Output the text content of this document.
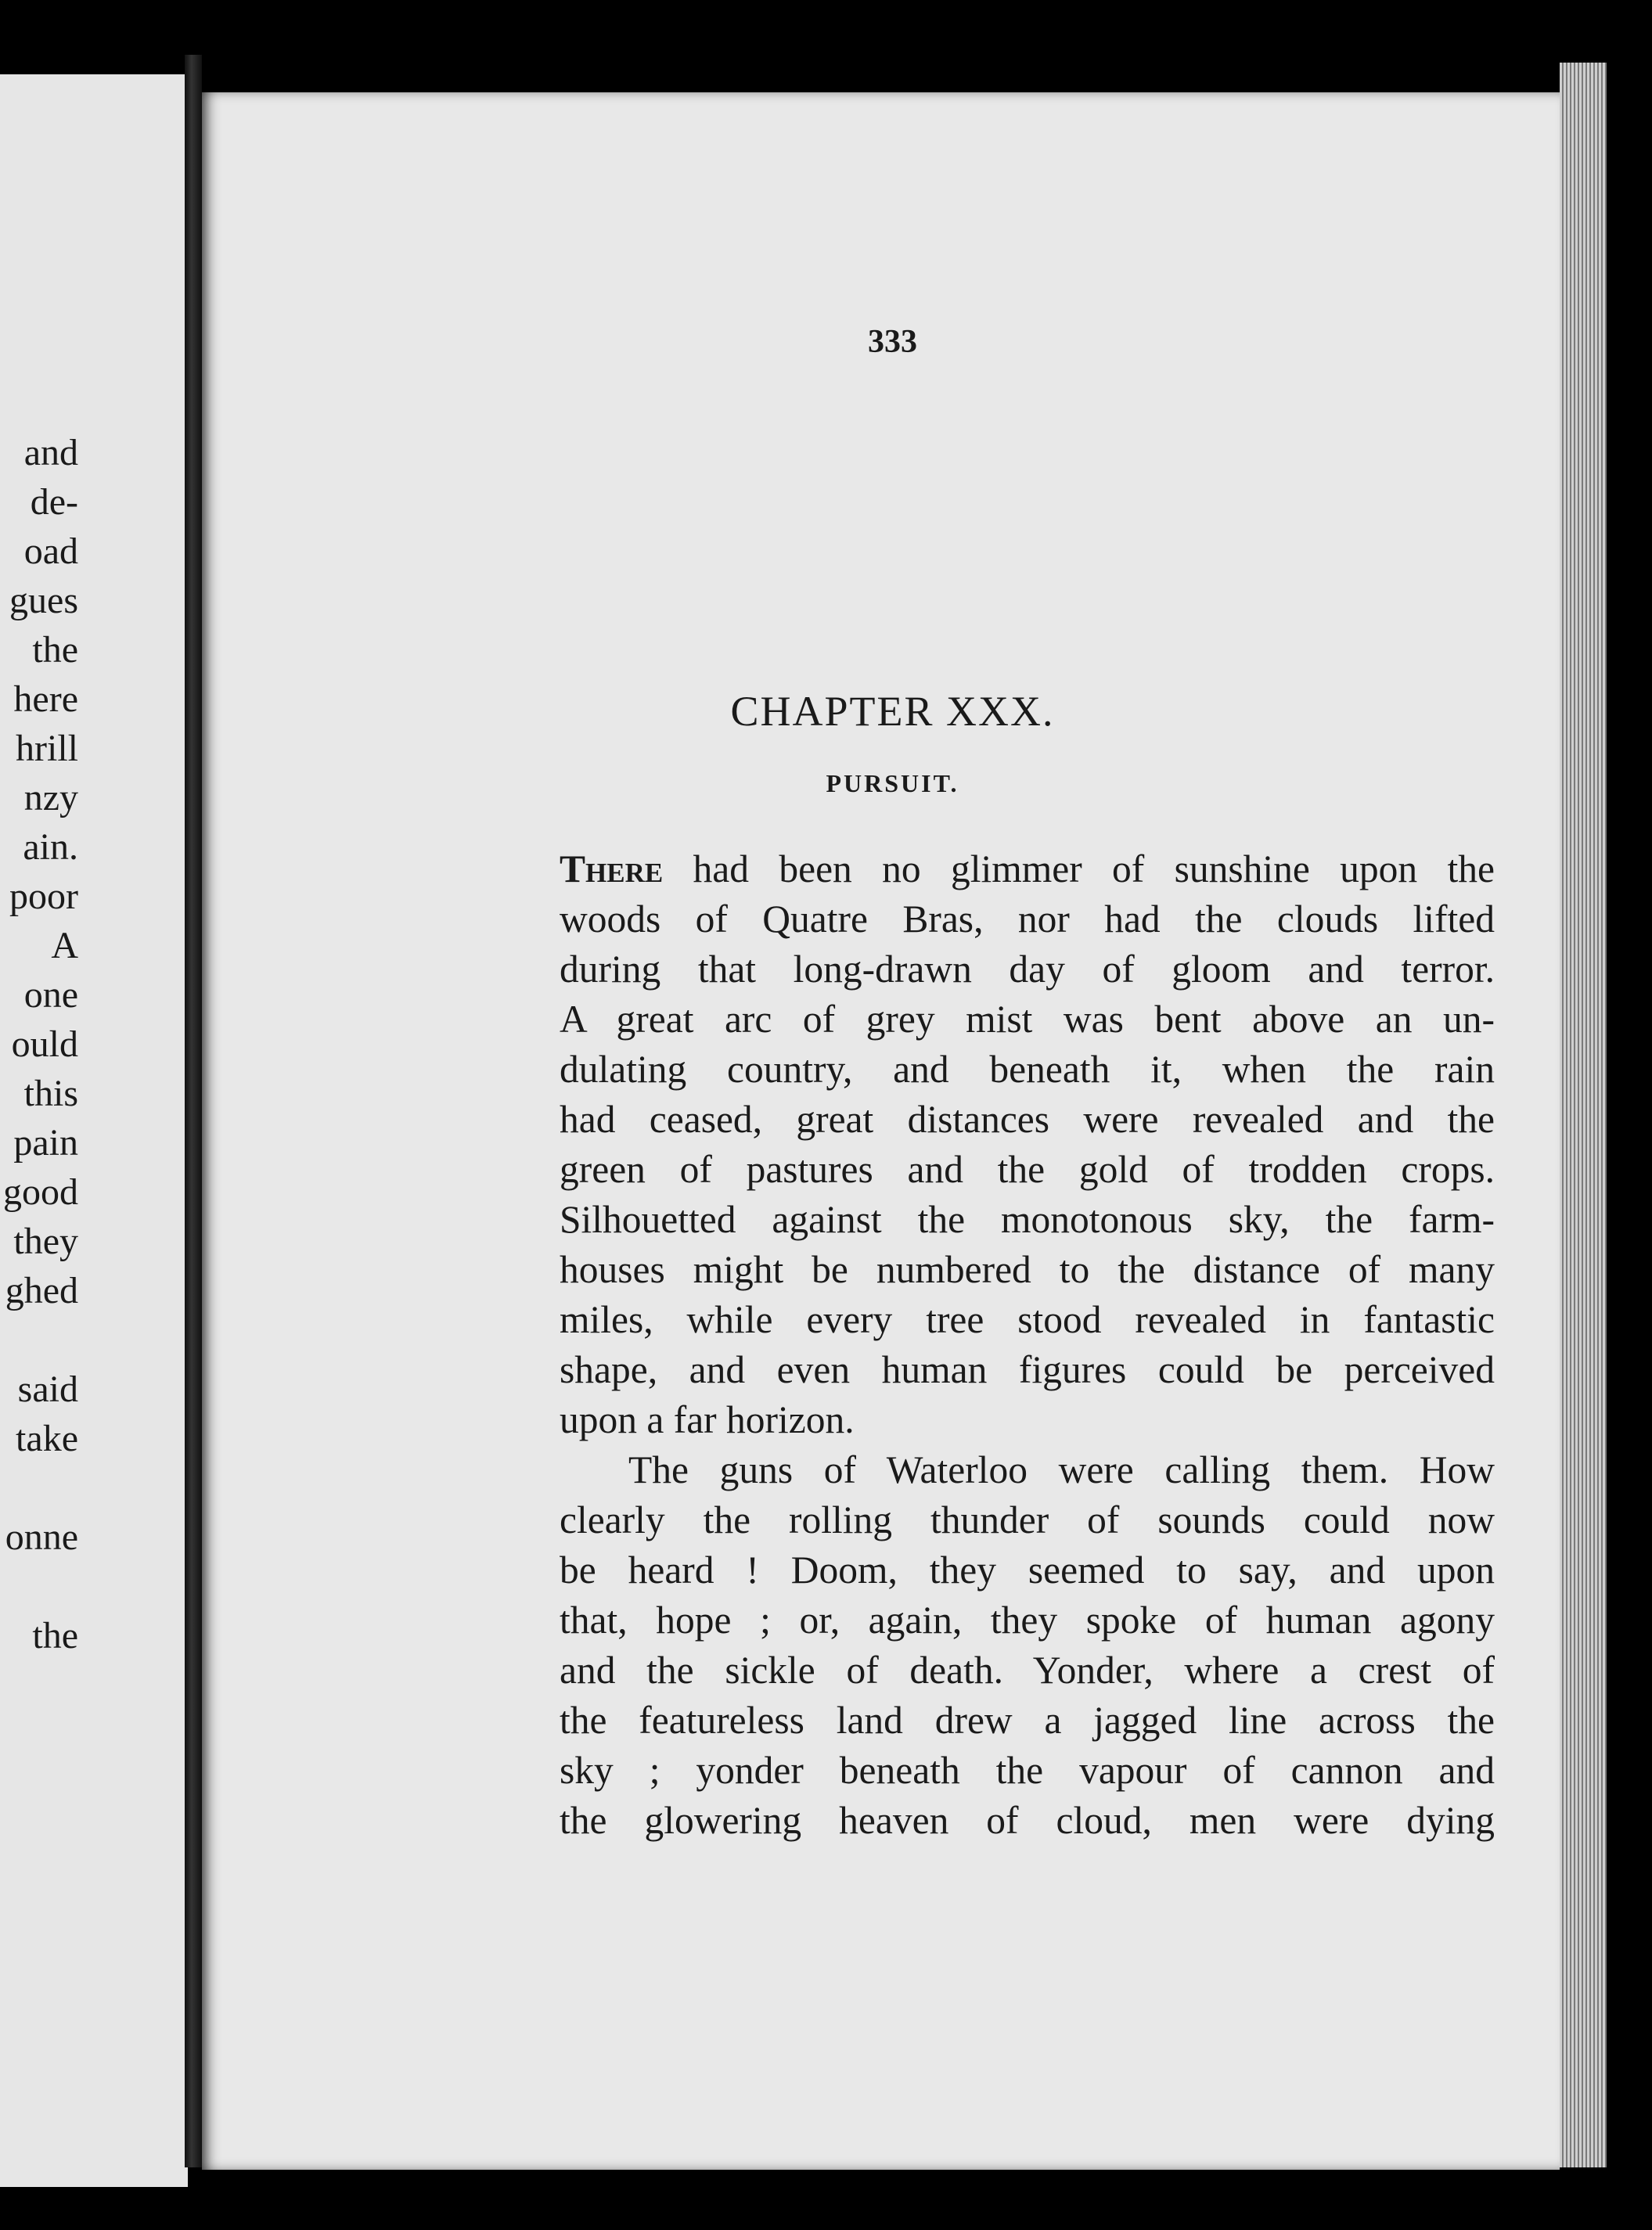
and
de-
oad
gues
the
here
hrill
nzy
ain.
poor
A
one
ould
this
pain
good
they
ghed
said
take
onne
the
333
CHAPTER XXX.
PURSUIT.
There had been no glimmer of sunshine upon the
woods of Quatre Bras, nor had the clouds lifted
during that long-drawn day of gloom and terror.
A great arc of grey mist was bent above an un-
dulating country, and beneath it, when the rain
had ceased, great distances were revealed and the
green of pastures and the gold of trodden crops.
Silhouetted against the monotonous sky, the farm-
houses might be numbered to the distance of many
miles, while every tree stood revealed in fantastic
shape, and even human figures could be perceived
upon a far horizon.
The guns of Waterloo were calling them. How
clearly the rolling thunder of sounds could now
be heard ! Doom, they seemed to say, and upon
that, hope ; or, again, they spoke of human agony
and the sickle of death. Yonder, where a crest of
the featureless land drew a jagged line across the
sky ; yonder beneath the vapour of cannon and
the glowering heaven of cloud, men were dying
